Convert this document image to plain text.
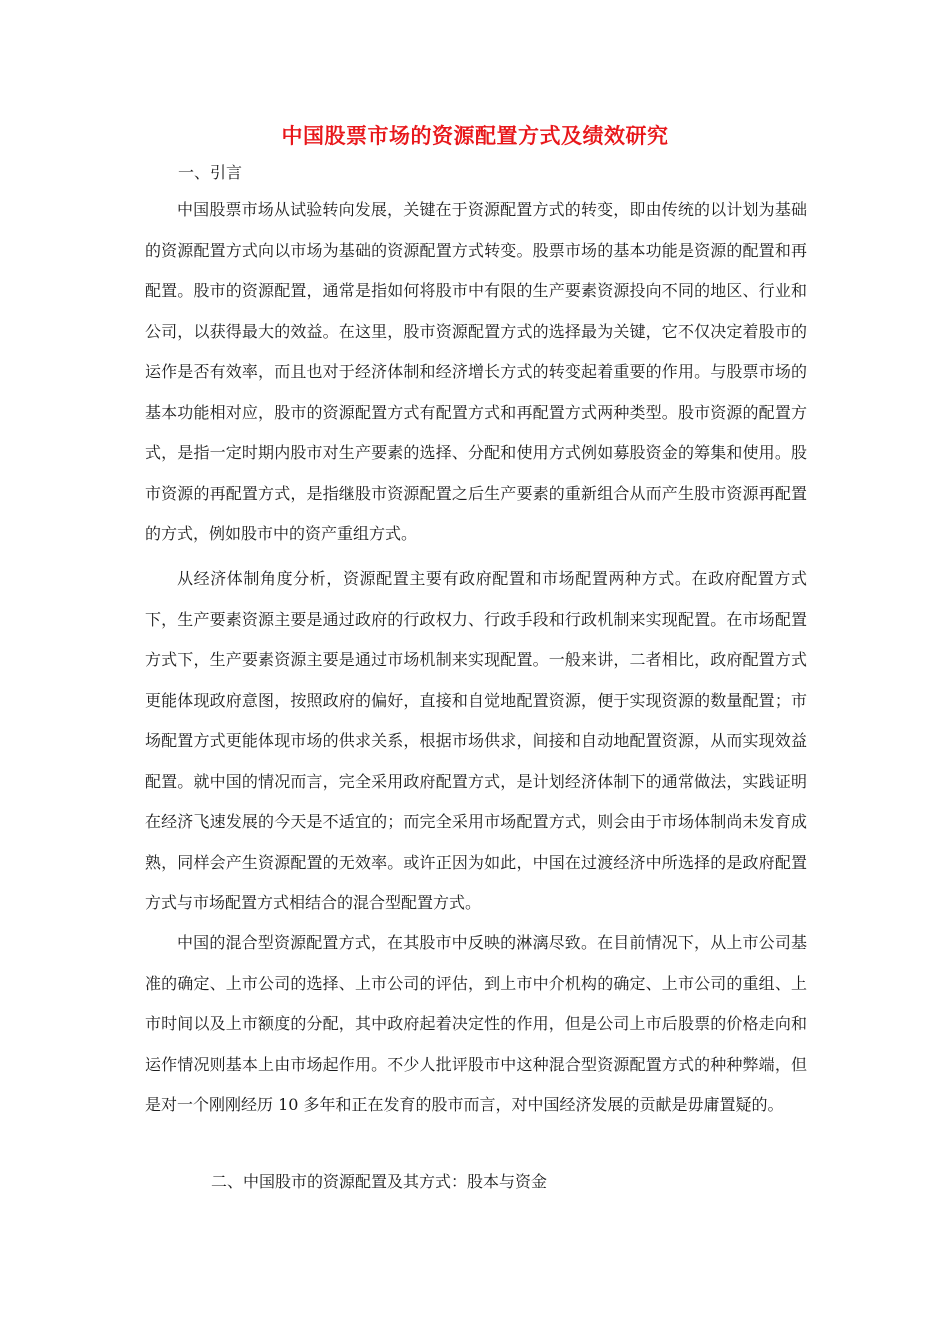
中国股票市场的资源配置方式及绩效研究
一、引言

中国股票市场从试验转向发展，关键在于资源配置方式的转变，即由传统的以计划为基础的资源配置方式向以市场为基础的资源配置方式转变。股票市场的基本功能是资源的配置和再配置。股市的资源配置，通常是指如何将股市中有限的生产要素资源投向不同的地区、行业和公司，以获得最大的效益。在这里，股市资源配置方式的选择最为关键，它不仅决定着股市的运作是否有效率，而且也对于经济体制和经济增长方式的转变起着重要的作用。与股票市场的基本功能相对应，股市的资源配置方式有配置方式和再配置方式两种类型。股市资源的配置方式，是指一定时期内股市对生产要素的选择、分配和使用方式例如募股资金的筹集和使用。股市资源的再配置方式，是指继股市资源配置之后生产要素的重新组合从而产生股市资源再配置的方式，例如股市中的资产重组方式。

从经济体制角度分析，资源配置主要有政府配置和市场配置两种方式。在政府配置方式下，生产要素资源主要是通过政府的行政权力、行政手段和行政机制来实现配置。在市场配置方式下，生产要素资源主要是通过市场机制来实现配置。一般来讲，二者相比，政府配置方式更能体现政府意图，按照政府的偏好，直接和自觉地配置资源，便于实现资源的数量配置；市场配置方式更能体现市场的供求关系，根据市场供求，间接和自动地配置资源，从而实现效益配置。就中国的情况而言，完全采用政府配置方式，是计划经济体制下的通常做法，实践证明在经济飞速发展的今天是不适宜的；而完全采用市场配置方式，则会由于市场体制尚未发育成熟，同样会产生资源配置的无效率。或许正因为如此，中国在过渡经济中所选择的是政府配置方式与市场配置方式相结合的混合型配置方式。

中国的混合型资源配置方式，在其股市中反映的淋漓尽致。在目前情况下，从上市公司基准的确定、上市公司的选择、上市公司的评估，到上市中介机构的确定、上市公司的重组、上市时间以及上市额度的分配，其中政府起着决定性的作用，但是公司上市后股票的价格走向和运作情况则基本上由市场起作用。不少人批评股市中这种混合型资源配置方式的种种弊端，但是对一个刚刚经历 10 多年和正在发育的股市而言，对中国经济发展的贡献是毋庸置疑的。

二、中国股市的资源配置及其方式：股本与资金
